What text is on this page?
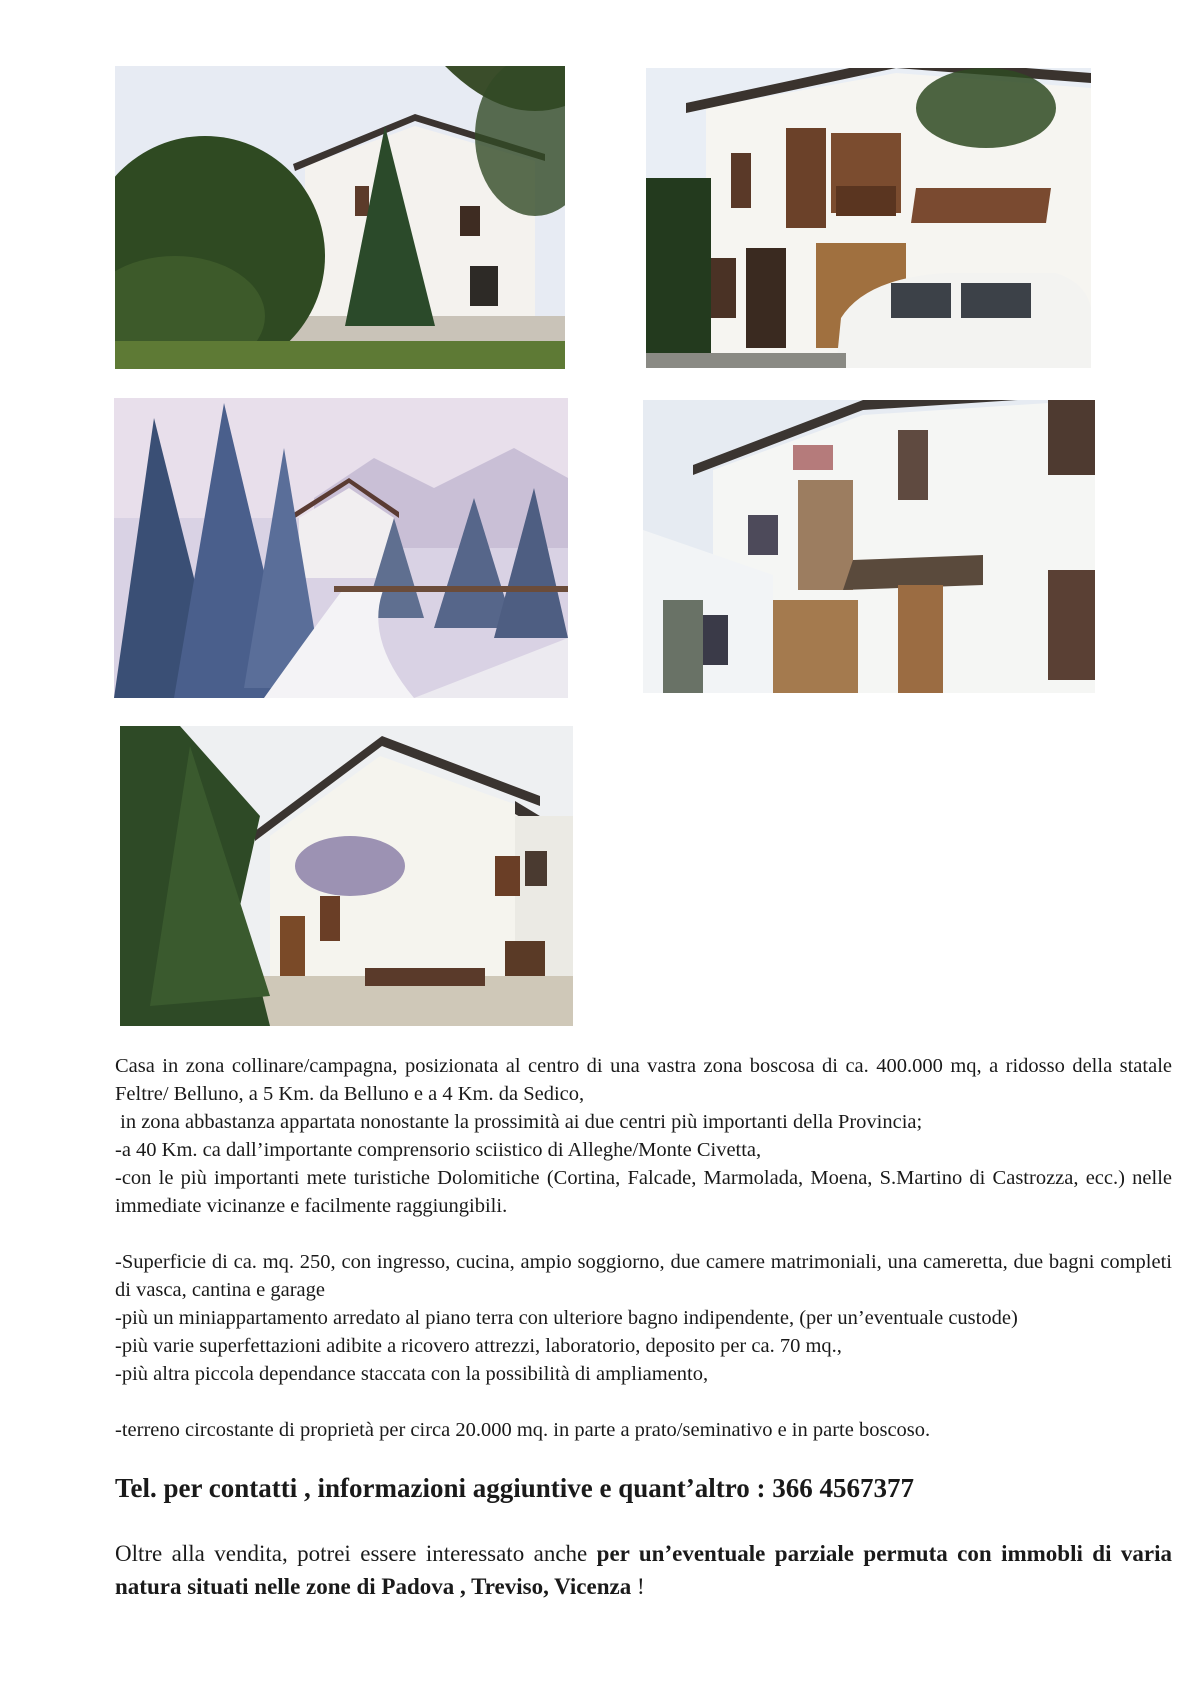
Casa in zona collinare/campagna, posizionata al centro di una vastra zona boscosa di ca. 400.000 mq, a ridosso della statale Feltre/ Belluno, a 5 Km. da Belluno e a 4 Km. da Sedico,

in zona abbastanza appartata nonostante la prossimità ai due centri più importanti della Provincia;

-a 40 Km. ca dall’importante comprensorio sciistico di Alleghe/Monte Civetta,

-con le più importanti mete turistiche Dolomitiche (Cortina, Falcade, Marmolada, Moena, S.Martino di Castrozza, ecc.) nelle immediate vicinanze e facilmente raggiungibili.

-Superficie di ca. mq. 250, con ingresso, cucina, ampio soggiorno, due camere matrimoniali, una cameretta, due bagni completi di vasca, cantina e garage

-più un miniappartamento arredato al piano terra con ulteriore bagno indipendente, (per un’eventuale custode)

-più varie superfettazioni adibite a ricovero attrezzi, laboratorio, deposito per ca. 70 mq.,

-più altra piccola dependance staccata con la possibilità di ampliamento,

-terreno circostante di proprietà per circa 20.000 mq. in parte a prato/seminativo e in parte boscoso.

Tel. per contatti , informazioni aggiuntive e quant’altro : 366 4567377
Oltre alla vendita, potrei essere interessato anche per un’eventuale parziale permuta con immobli di varia natura situati nelle zone di Padova , Treviso, Vicenza !
